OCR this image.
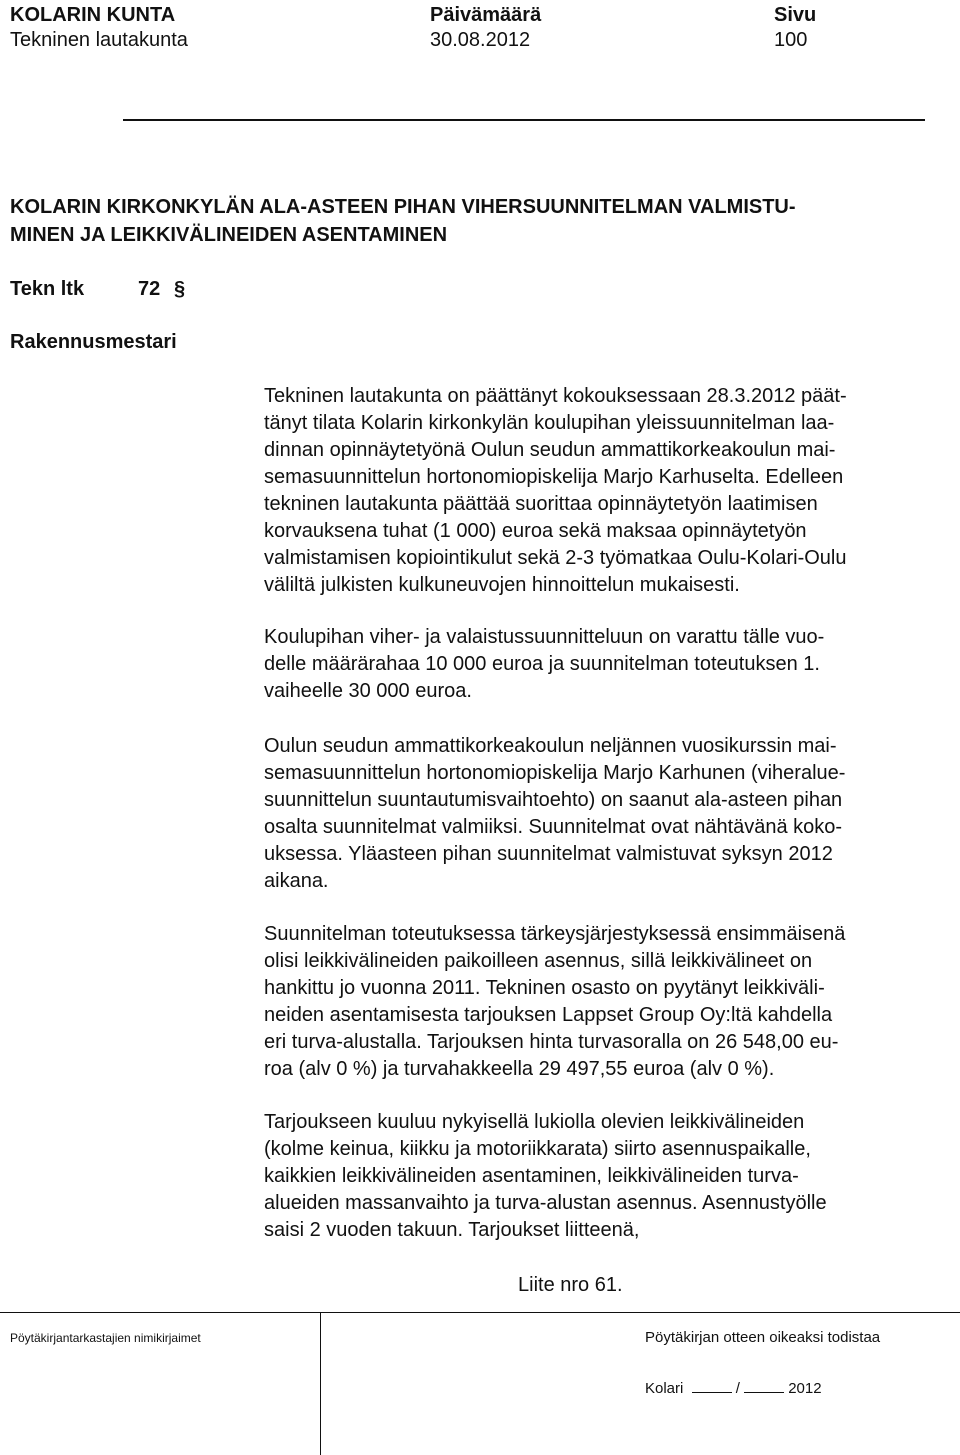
KOLARIN KUNTA
Tekninen lautakunta
Päivämäärä
30.08.2012
Sivu
100
KOLARIN KIRKONKYLÄN ALA-ASTEEN PIHAN VIHERSUUNNITELMAN VALMISTU-
MINEN JA LEIKKIVÄLINEIDEN ASENTAMINEN
Tekn ltk	72 §
Rakennusmestari
Tekninen lautakunta on päättänyt kokouksessaan 28.3.2012 päät-
tänyt tilata Kolarin kirkonkylän koulupihan yleissuunnitelman laa-
dinnan opinnäytetyönä Oulun seudun ammattikorkeakoulun mai-
semasuunnittelun hortonomiopiskelija Marjo Karhuselta. Edelleen
tekninen lautakunta päättää suorittaa opinnäytetyön laatimisen
korvauksena tuhat (1 000) euroa sekä maksaa opinnäytetyön
valmistamisen kopiointikulut sekä 2-3 työmatkaa Oulu-Kolari-Oulu
väliltä julkisten kulkuneuvojen hinnoittelun mukaisesti.
Koulupihan viher- ja valaistussuunnitteluun on varattu tälle vuo-
delle määrärahaa 10 000 euroa ja suunnitelman toteutuksen 1.
vaiheelle 30 000 euroa.
Oulun seudun ammattikorkeakoulun neljännen vuosikurssin mai-
semasuunnittelun hortonomiopiskelija Marjo Karhunen (viheralue-
suunnittelun suuntautumisvaihtoehto) on saanut ala-asteen pihan
osalta suunnitelmat valmiiksi. Suunnitelmat ovat nähtävänä koko-
uksessa. Yläasteen pihan suunnitelmat valmistuvat syksyn 2012
aikana.
Suunnitelman toteutuksessa tärkeysjärjestyksessä ensimmäisenä
olisi leikkivälineiden paikoilleen asennus, sillä leikkivälineet on
hankittu jo vuonna 2011. Tekninen osasto on pyytänyt leikkiväli-
neiden asentamisesta tarjouksen Lappset Group Oy:ltä kahdella
eri turva-alustalla. Tarjouksen hinta turvasoralla on 26 548,00 eu-
roa (alv 0 %) ja turvahakkeella 29 497,55 euroa (alv 0 %).
Tarjoukseen kuuluu nykyisellä lukiolla olevien leikkivälineiden
(kolme keinua, kiikku ja motoriikkarata) siirto asennuspaikalle,
kaikkien leikkivälineiden asentaminen, leikkivälineiden turva-
alueiden massanvaihto ja turva-alustan asennus. Asennustyölle
saisi 2 vuoden takuun. Tarjoukset liitteenä,
Liite nro 61.
Pöytäkirjantarkastajien nimikirjaimet	Pöytäkirjan otteen oikeaksi todistaa
Kolari	/	2012
